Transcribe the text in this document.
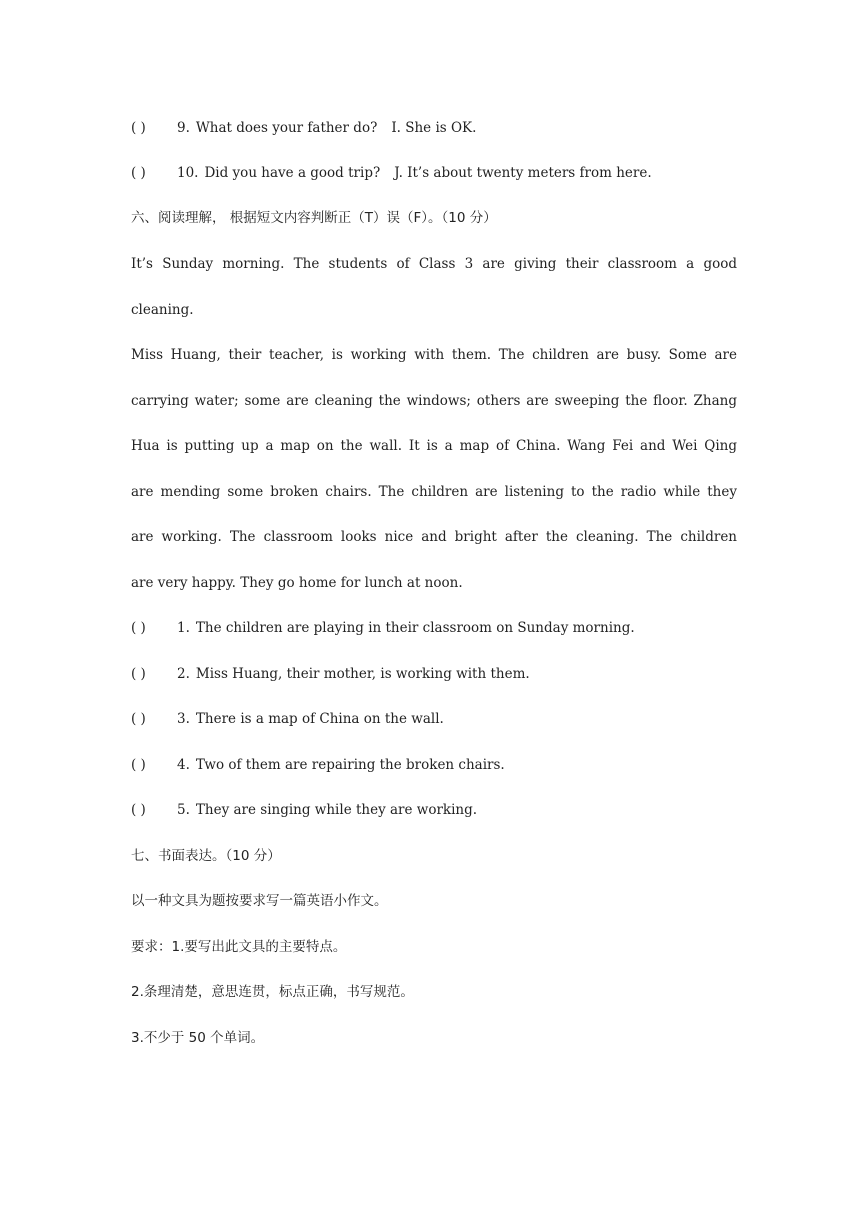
( ) 9. What does your father do? I. She is OK.
( ) 10. Did you have a good trip? J. It’s about twenty meters from here.
六、阅读理解， 根据短文内容判断正（T）误（F）。（10 分）
It’s Sunday morning. The students of Class 3 are giving their classroom a good
cleaning.
Miss Huang, their teacher, is working with them. The children are busy. Some are
carrying water; some are cleaning the windows; others are sweeping the floor. Zhang
Hua is putting up a map on the wall. It is a map of China. Wang Fei and Wei Qing
are mending some broken chairs. The children are listening to the radio while they
are working. The classroom looks nice and bright after the cleaning. The children
are very happy. They go home for lunch at noon.
( ) 1. The children are playing in their classroom on Sunday morning.
( ) 2. Miss Huang, their mother, is working with them.
( ) 3. There is a map of China on the wall.
( ) 4. Two of them are repairing the broken chairs.
( ) 5. They are singing while they are working.
七、书面表达。（10 分）
以一种文具为题按要求写一篇英语小作文。
要求：1.要写出此文具的主要特点。
2.条理清楚，意思连贯，标点正确，书写规范。
3.不少于 50 个单词。
